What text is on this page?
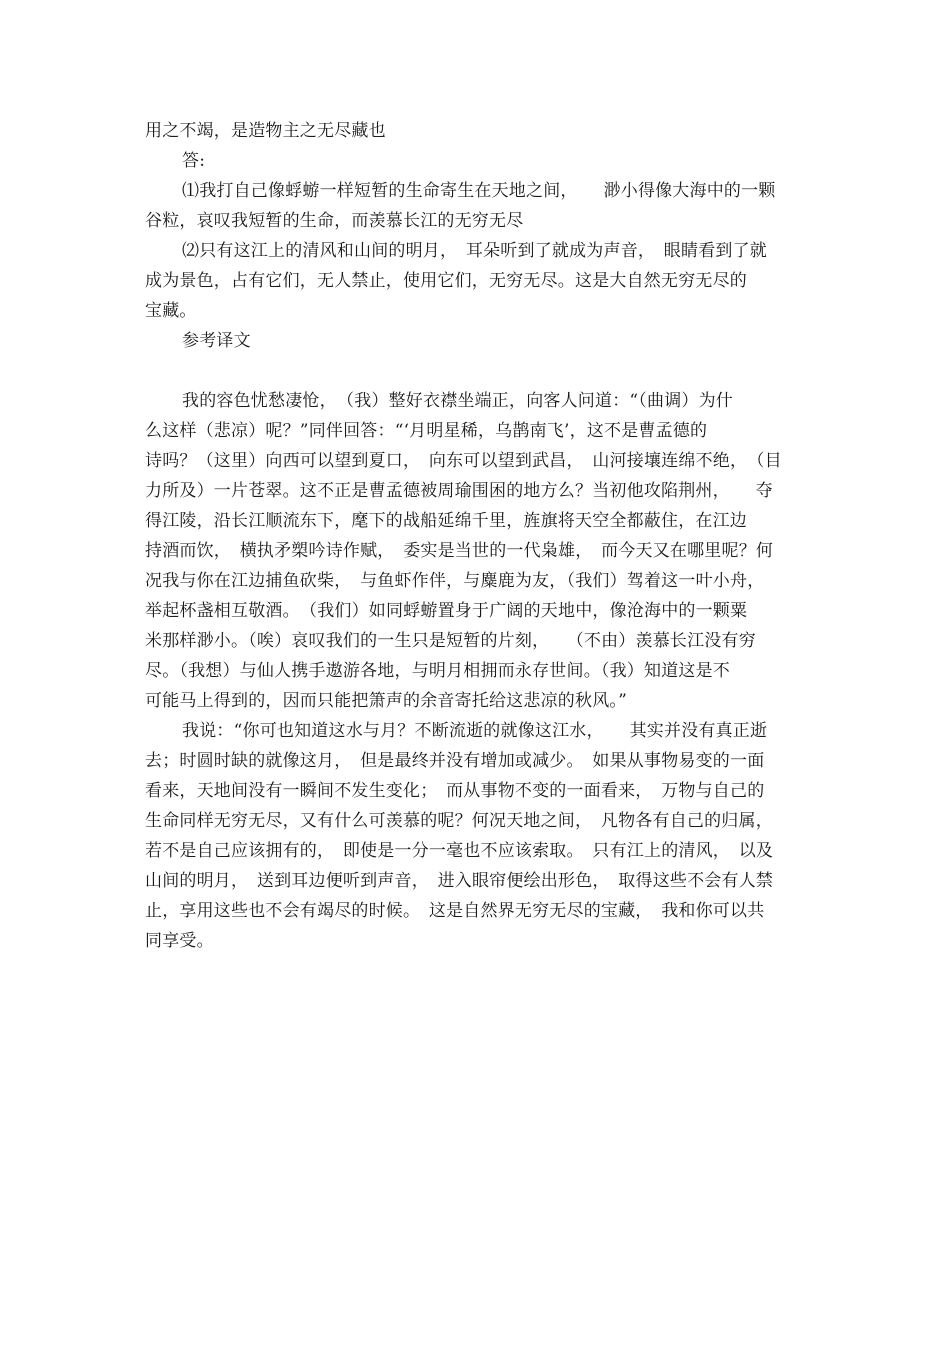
用之不竭，是造物主之无尽藏也
答:
⑴我打自己像蜉蝣一样短暂的生命寄生在天地之间，　　渺小得像大海中的一颗
谷粒，哀叹我短暂的生命，而羡慕长江的无穷无尽
⑵只有这江上的清风和山间的明月，　耳朵听到了就成为声音，　眼睛看到了就
成为景色，占有它们，无人禁止，使用它们，无穷无尽。这是大自然无穷无尽的
宝藏。
参考译文
我的容色忧愁凄怆，　（我）整好衣襟坐端正，向客人问道：“（曲调）为什
么这样（悲凉）呢？”同伴回答：“‘月明星稀，乌鹊南飞’，这不是曹孟德的
诗吗？（这里）向西可以望到夏口，　向东可以望到武昌，　山河接壤连绵不绝，　（目
力所及）一片苍翠。这不正是曹孟德被周瑜围困的地方么？当初他攻陷荆州，　　夺
得江陵，沿长江顺流东下，麾下的战船延绵千里，旌旗将天空全都蔽住，在江边
持酒而饮，　横执矛槊吟诗作赋，　委实是当世的一代枭雄，　而今天又在哪里呢？何
况我与你在江边捕鱼砍柴，　与鱼虾作伴，与麋鹿为友，（我们）驾着这一叶小舟，
举起杯盏相互敬酒。　（我们）如同蜉蝣置身于广阔的天地中，像沧海中的一颗粟
米那样渺小。（唉）哀叹我们的一生只是短暂的片刻，　　（不由）羡慕长江没有穷
尽。（我想）与仙人携手遨游各地，与明月相拥而永存世间。（我）知道这是不
可能马上得到的，因而只能把箫声的余音寄托给这悲凉的秋风。”
我说：“你可也知道这水与月？不断流逝的就像这江水，　　其实并没有真正逝
去；时圆时缺的就像这月，　但是最终并没有增加或减少。　如果从事物易变的一面
看来，天地间没有一瞬间不发生变化；　而从事物不变的一面看来，　万物与自己的
生命同样无穷无尽，又有什么可羡慕的呢？何况天地之间，　凡物各有自己的归属，
若不是自己应该拥有的，　即使是一分一毫也不应该索取。　只有江上的清风，　以及
山间的明月，　送到耳边便听到声音，　进入眼帘便绘出形色，　取得这些不会有人禁
止，享用这些也不会有竭尽的时候。　这是自然界无穷无尽的宝藏，　我和你可以共
同享受。
